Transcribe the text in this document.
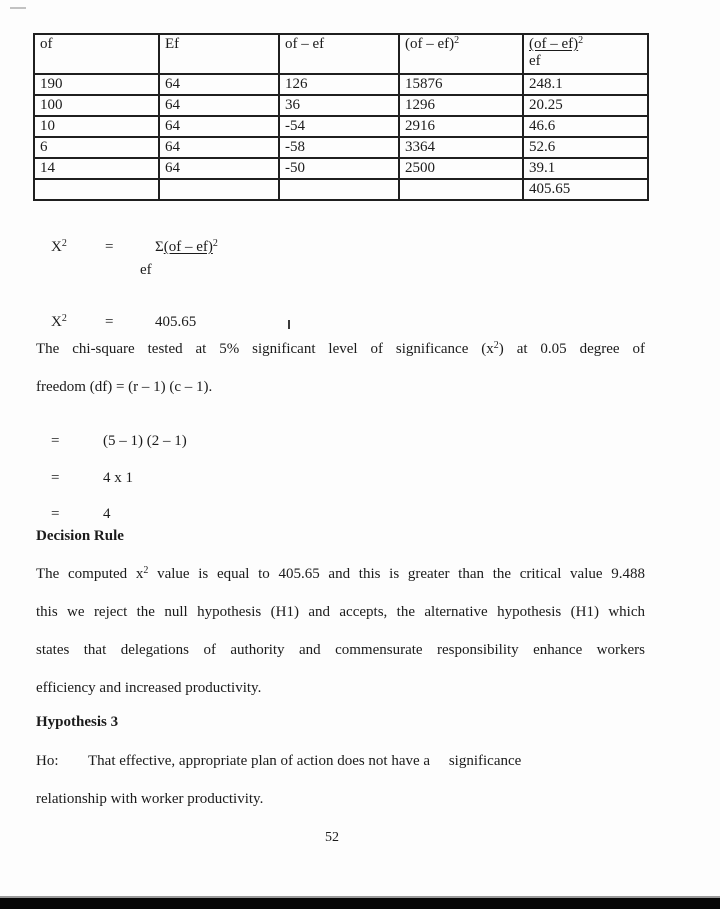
of	Ef	of – ef	(of – ef)$^2$	(of – ef)$^2$
ef

190	64	126	15876	248.1
100	64	36	1296	20.25
10	64	-54	2916	46.6
6	64	-58	3364	52.6
14	64	-50	2500	39.1
				405.65

$X^2$	=	Σ(of – ef)$^2$

ef

$X^2$	=	405.65

The chi-square tested at 5% significant level of significance $(x^2)$ at 0.05 degree of
freedom (df) = (r – 1) (c – 1).

=	(5 – 1) (2 – 1)

=	4 x 1

=	4

Decision Rule
The computed $x^2$ value is equal to 405.65 and this is greater than the critical value 9.488
this we reject the null hypothesis (H1) and accepts, the alternative hypothesis (H1) which
states that delegations of authority and commensurate responsibility enhance workers
efficiency and increased productivity.
Hypothesis 3
Ho: That effective, appropriate plan of action does not have a     significance
relationship with worker productivity.
52
